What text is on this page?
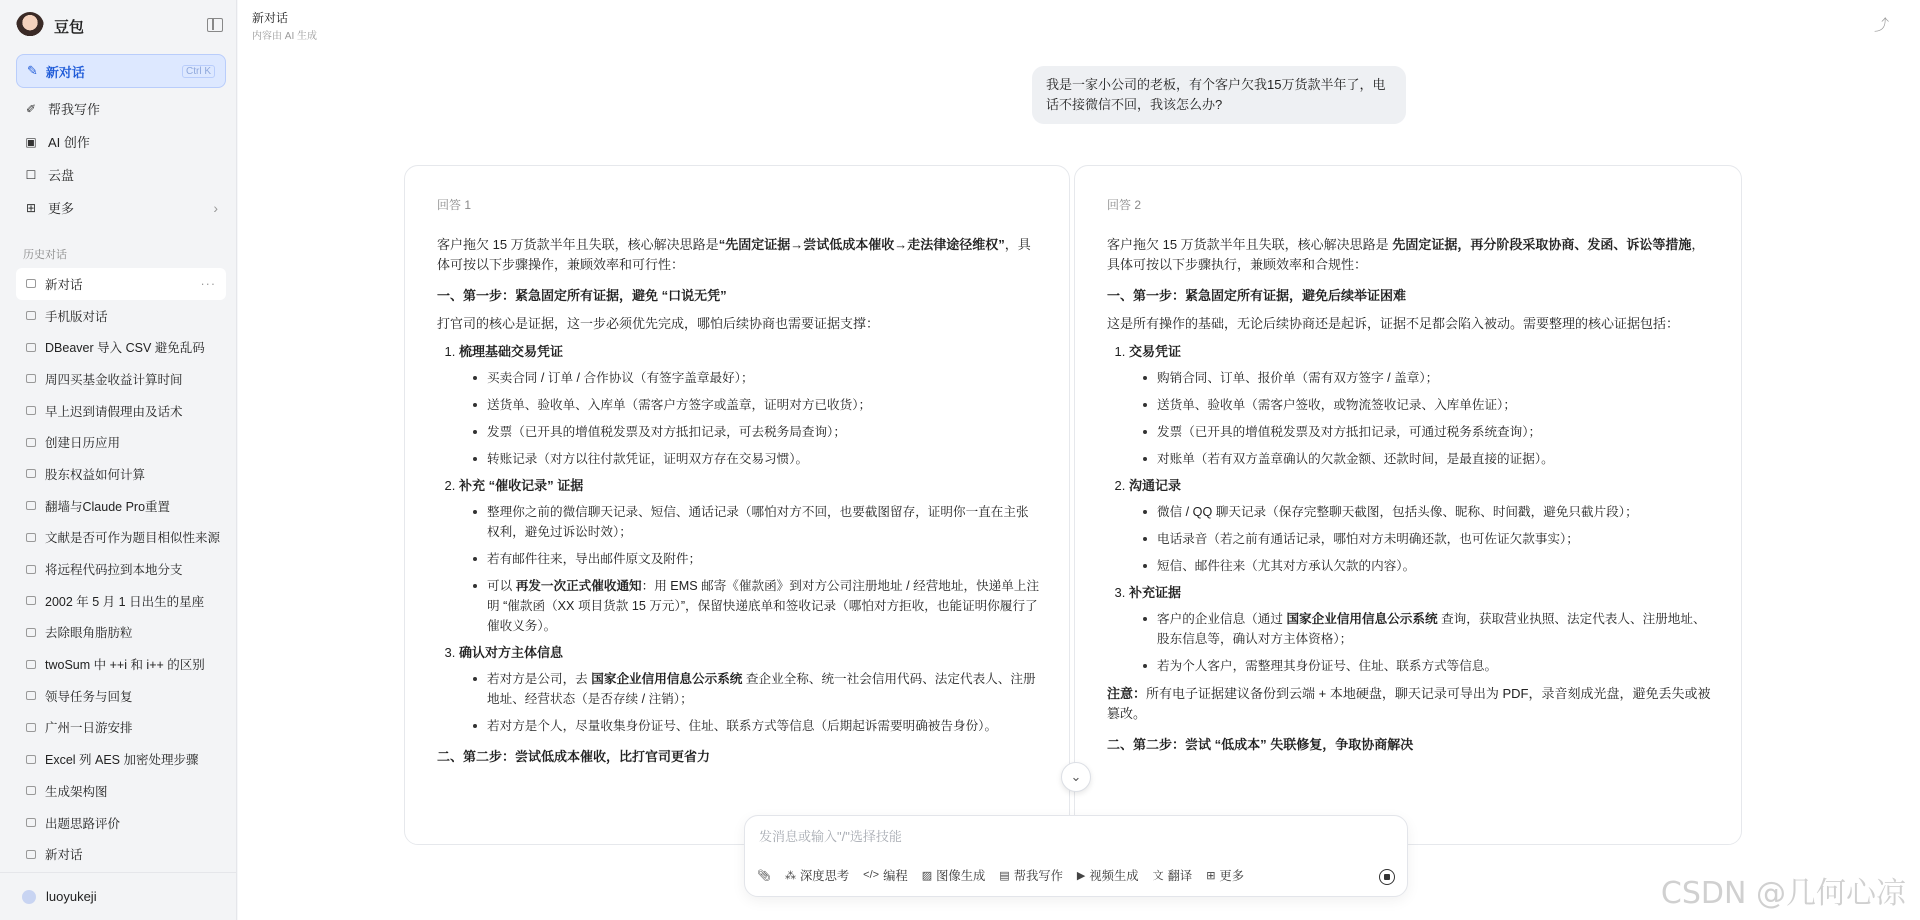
豆包
✎ 新对话	Ctrl K
✐ 帮我写作
▣ AI 创作
☐ 云盘
⊞ 更多	›
历史对话
新对话	···
手机版对话
DBeaver 导入 CSV 避免乱码
周四买基金收益计算时间
早上迟到请假理由及话术
创建日历应用
股东权益如何计算
翻墙与Claude Pro重置
文献是否可作为题目相似性来源
将远程代码拉到本地分支
2002 年 5 月 1 日出生的星座
去除眼角脂肪粒
twoSum 中 ++i 和 i++ 的区别
领导任务与回复
广州一日游安排
Excel 列 AES 加密处理步骤
生成架构图
出题思路评价
新对话
luoyukeji
新对话
内容由 AI 生成
⤴
我是一家小公司的老板，有个客户欠我15万货款半年了，电话不接微信不回，我该怎么办?
回答 1

客户拖欠 15 万货款半年且失联，核心解决思路是“先固定证据→尝试低成本催收→走法律途径维权”，具体可按以下步骤操作，兼顾效率和可行性：

一、第一步：紧急固定所有证据，避免 “口说无凭”

打官司的核心是证据，这一步必须优先完成，哪怕后续协商也需要证据支撑：

1. 梳理基础交易凭证
买卖合同 / 订单 / 合作协议（有签字盖章最好）；
送货单、验收单、入库单（需客户方签字或盖章，证明对方已收货）；
发票（已开具的增值税发票及对方抵扣记录，可去税务局查询）；
转账记录（对方以往付款凭证，证明双方存在交易习惯）。
2. 补充 “催收记录” 证据
整理你之前的微信聊天记录、短信、通话记录（哪怕对方不回，也要截图留存，证明你一直在主张权利，避免过诉讼时效）；
若有邮件往来，导出邮件原文及附件；
可以 再发一次正式催收通知：用 EMS 邮寄《催款函》到对方公司注册地址 / 经营地址，快递单上注明 “催款函（XX 项目货款 15 万元）”，保留快递底单和签收记录（哪怕对方拒收，也能证明你履行了催收义务）。
3. 确认对方主体信息
若对方是公司，去 国家企业信用信息公示系统 查企业全称、统一社会信用代码、法定代表人、注册地址、经营状态（是否存续 / 注销）；
若对方是个人，尽量收集身份证号、住址、联系方式等信息（后期起诉需要明确被告身份）。
二、第二步：尝试低成本催收，比打官司更省力
回答 2

客户拖欠 15 万货款半年且失联，核心解决思路是 先固定证据，再分阶段采取协商、发函、诉讼等措施，具体可按以下步骤执行，兼顾效率和合规性：

一、第一步：紧急固定所有证据，避免后续举证困难

这是所有操作的基础，无论后续协商还是起诉，证据不足都会陷入被动。需要整理的核心证据包括：

1. 交易凭证
购销合同、订单、报价单（需有双方签字 / 盖章）；
送货单、验收单（需客户签收，或物流签收记录、入库单佐证）；
发票（已开具的增值税发票及对方抵扣记录，可通过税务系统查询）；
对账单（若有双方盖章确认的欠款金额、还款时间，是最直接的证据）。
2. 沟通记录
微信 / QQ 聊天记录（保存完整聊天截图，包括头像、昵称、时间戳，避免只截片段）；
电话录音（若之前有通话记录，哪怕对方未明确还款，也可佐证欠款事实）；
短信、邮件往来（尤其对方承认欠款的内容）。
3. 补充证据
客户的企业信息（通过 国家企业信用信息公示系统 查询，获取营业执照、法定代表人、注册地址、股东信息等，确认对方主体资格）；
若为个人客户，需整理其身份证号、住址、联系方式等信息。

注意：所有电子证据建议备份到云端 + 本地硬盘，聊天记录可导出为 PDF，录音刻成光盘，避免丢失或被篡改。

二、第二步：尝试 “低成本” 失联修复，争取协商解决
⌄
发消息或输入"/"选择技能
📎︎ ⁂ 深度思考 </> 编程 ▨ 图像生成 ▤ 帮我写作 ▶ 视频生成 文 翻译 ⊞ 更多	CSDN @几何心凉
